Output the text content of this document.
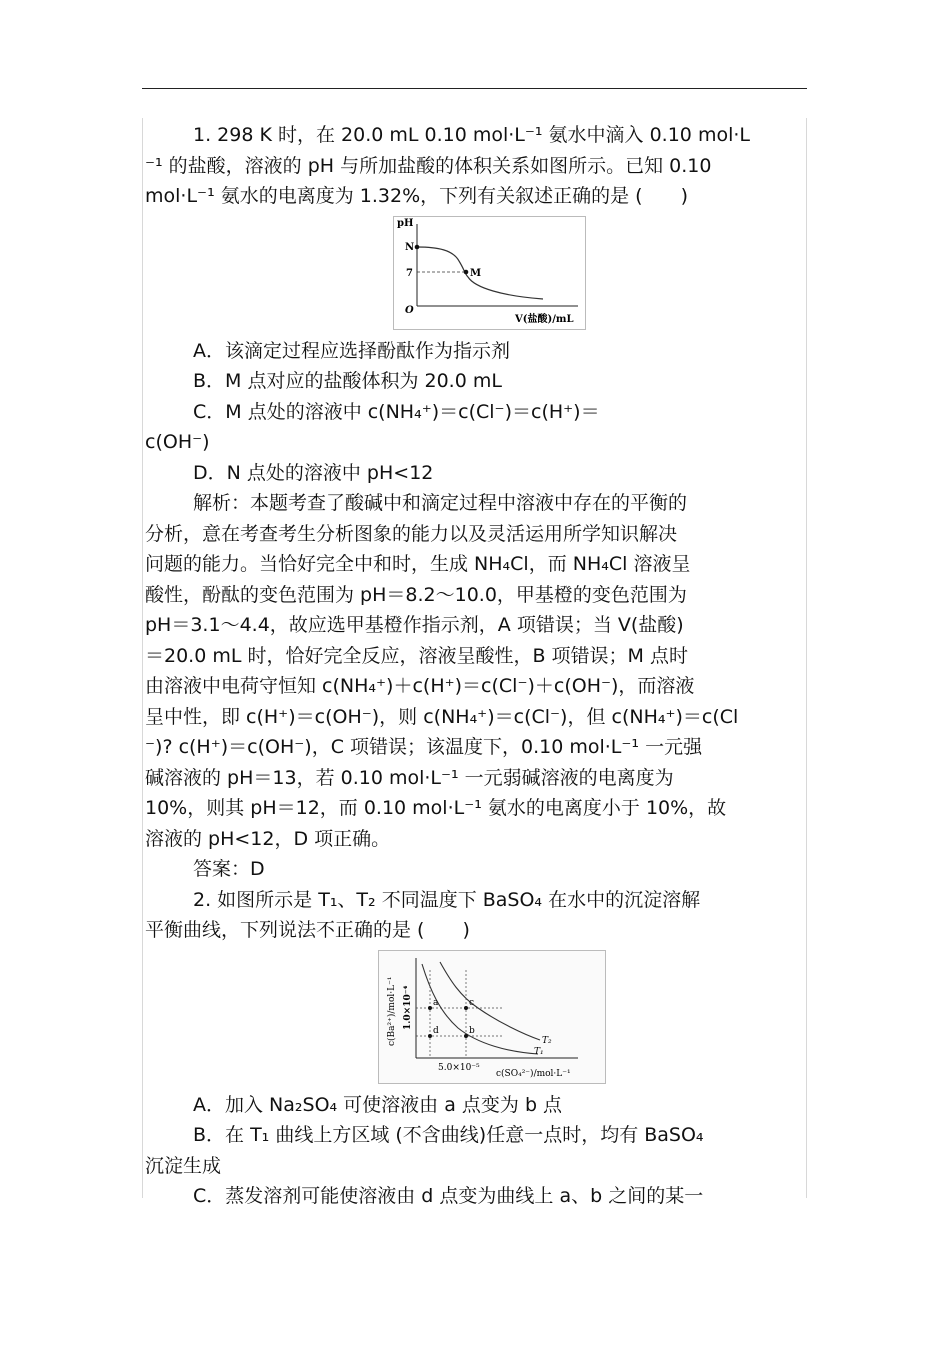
1. 298 K 时，在 20.0 mL 0.10 mol·L⁻¹ 氨水中滴入 0.10 mol·L

⁻¹ 的盐酸，溶液的 pH 与所加盐酸的体积关系如图所示。已知 0.10

mol·L⁻¹ 氨水的电离度为 1.32%，下列有关叙述正确的是 (　　)

pH
N
7
O
M
V(盐酸)/mL

A．该滴定过程应选择酚酞作为指示剂

B．M 点对应的盐酸体积为 20.0 mL

C．M 点处的溶液中 c(NH₄⁺)＝c(Cl⁻)＝c(H⁺)＝

c(OH⁻)

D．N 点处的溶液中 pH<12

解析：本题考查了酸碱中和滴定过程中溶液中存在的平衡的

分析，意在考查考生分析图象的能力以及灵活运用所学知识解决

问题的能力。当恰好完全中和时，生成 NH₄Cl，而 NH₄Cl 溶液呈

酸性，酚酞的变色范围为 pH＝8.2～10.0，甲基橙的变色范围为

pH＝3.1～4.4，故应选甲基橙作指示剂，A 项错误；当 V(盐酸)

＝20.0 mL 时，恰好完全反应，溶液呈酸性，B 项错误；M 点时

由溶液中电荷守恒知 c(NH₄⁺)＋c(H⁺)＝c(Cl⁻)＋c(OH⁻)，而溶液

呈中性，即 c(H⁺)＝c(OH⁻)，则 c(NH₄⁺)＝c(Cl⁻)，但 c(NH₄⁺)＝c(Cl

⁻)? c(H⁺)＝c(OH⁻)，C 项错误；该温度下，0.10 mol·L⁻¹ 一元强

碱溶液的 pH＝13，若 0.10 mol·L⁻¹ 一元弱碱溶液的电离度为

10%，则其 pH＝12，而 0.10 mol·L⁻¹ 氨水的电离度小于 10%，故

溶液的 pH<12，D 项正确。

答案：D

2. 如图所示是 T₁、T₂ 不同温度下 BaSO₄ 在水中的沉淀溶解

平衡曲线，下列说法不正确的是 (　　)

a
b
c
d
T₂
T₁
c(Ba²⁺)/mol·L⁻¹ 1.0×10⁻⁴
5.0×10⁻⁵
c(SO₄²⁻)/mol·L⁻¹

A．加入 Na₂SO₄ 可使溶液由 a 点变为 b 点

B．在 T₁ 曲线上方区域 (不含曲线)任意一点时，均有 BaSO₄

沉淀生成

C．蒸发溶剂可能使溶液由 d 点变为曲线上 a、b 之间的某一
